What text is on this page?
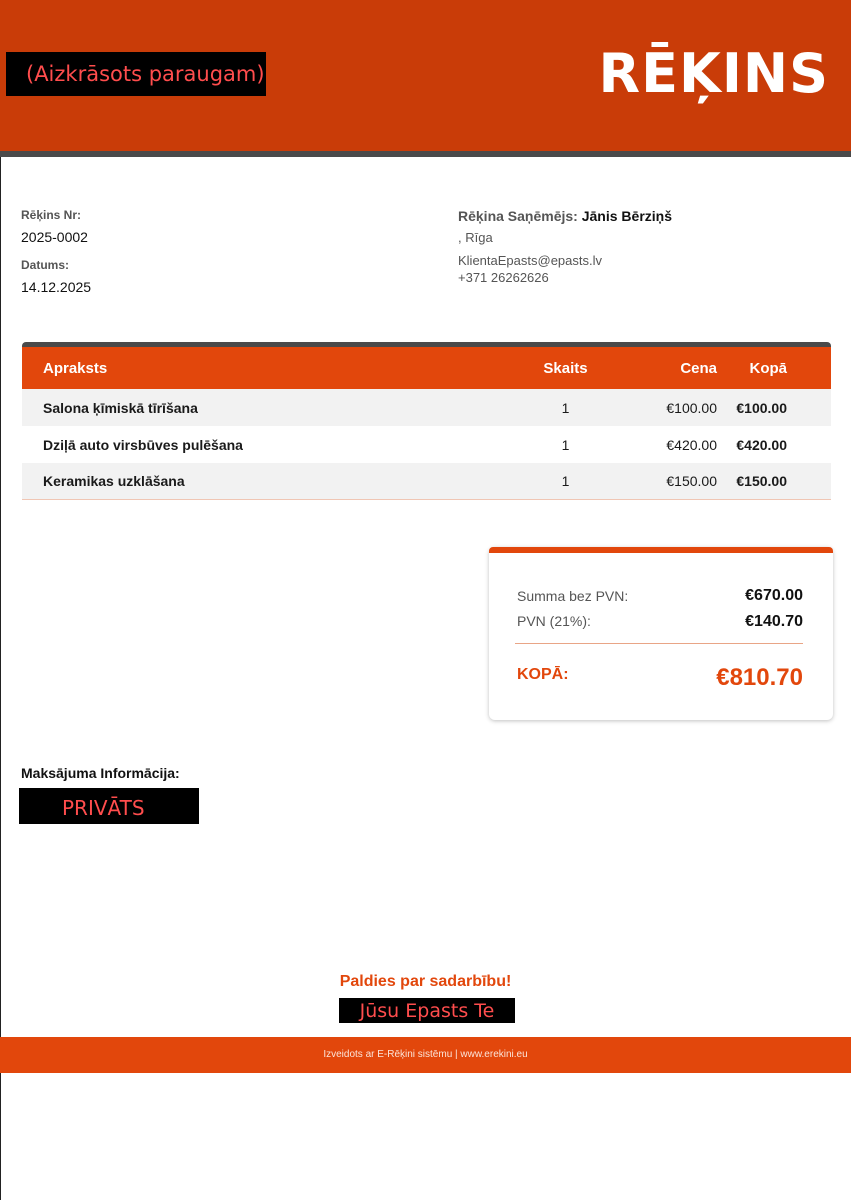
(Aizkrāsots paraugam)	RĒĶINS
Rēķins Nr:
2025-0002
Datums:
14.12.2025
Rēķina Saņēmējs: Jānis Bērziņš
, Rīga
KlientaEpasts@epasts.lv
+371 26262626
Apraksts	Skaits	Cena	Kopā
Salona ķīmiskā tīrīšana	1	€100.00	€100.00
Dziļā auto virsbūves pulēšana	1	€420.00	€420.00
Keramikas uzklāšana	1	€150.00	€150.00
Summa bez PVN:	€670.00
PVN (21%):	€140.70
KOPĀ:	€810.70
Maksājuma Informācija:
PRIVĀTS
Paldies par sadarbību!
Jūsu Epasts Te
Izveidots ar E-Rēķini sistēmu | www.erekini.eu
